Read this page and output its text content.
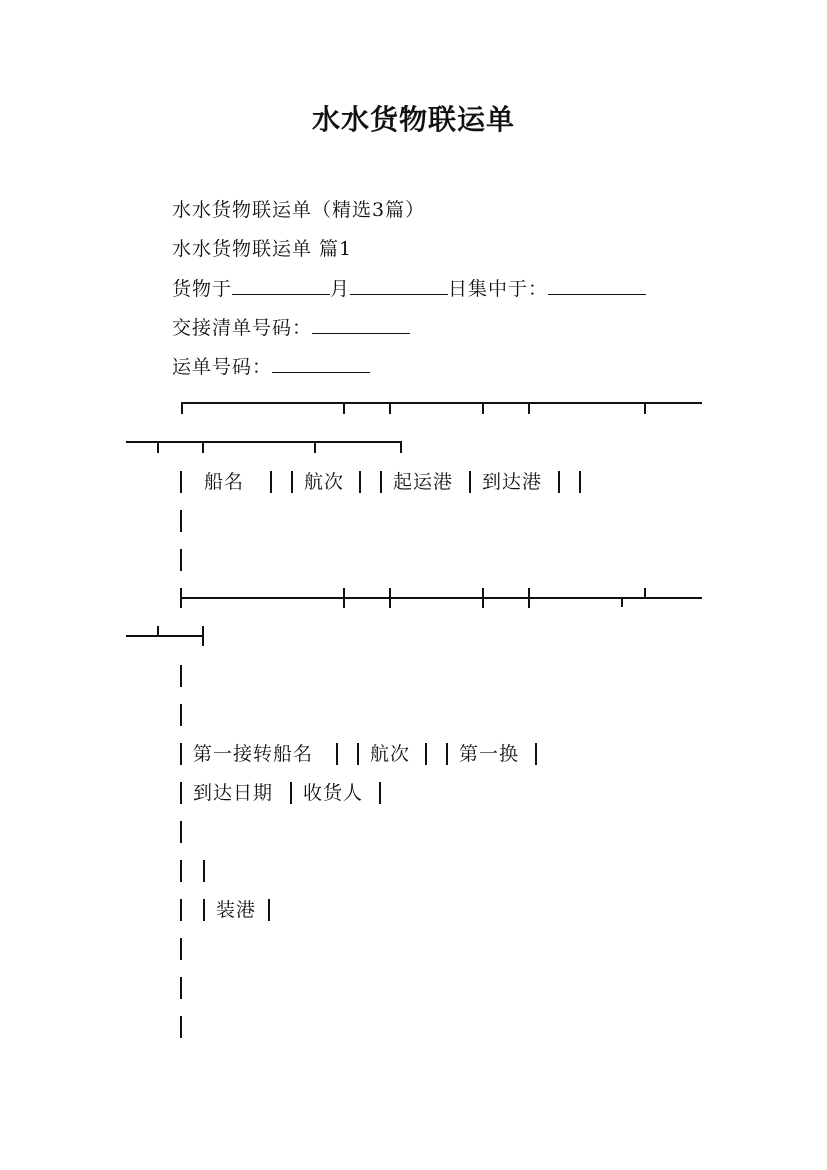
水水货物联运单
水水货物联运单（精选3篇）
水水货物联运单 篇1
货物于	月	日集中于：
交接清单号码：
运单号码：
船名	航次	起运港 到达港
第一接转船名	航次	第一换
到达日期 收货人
装港
